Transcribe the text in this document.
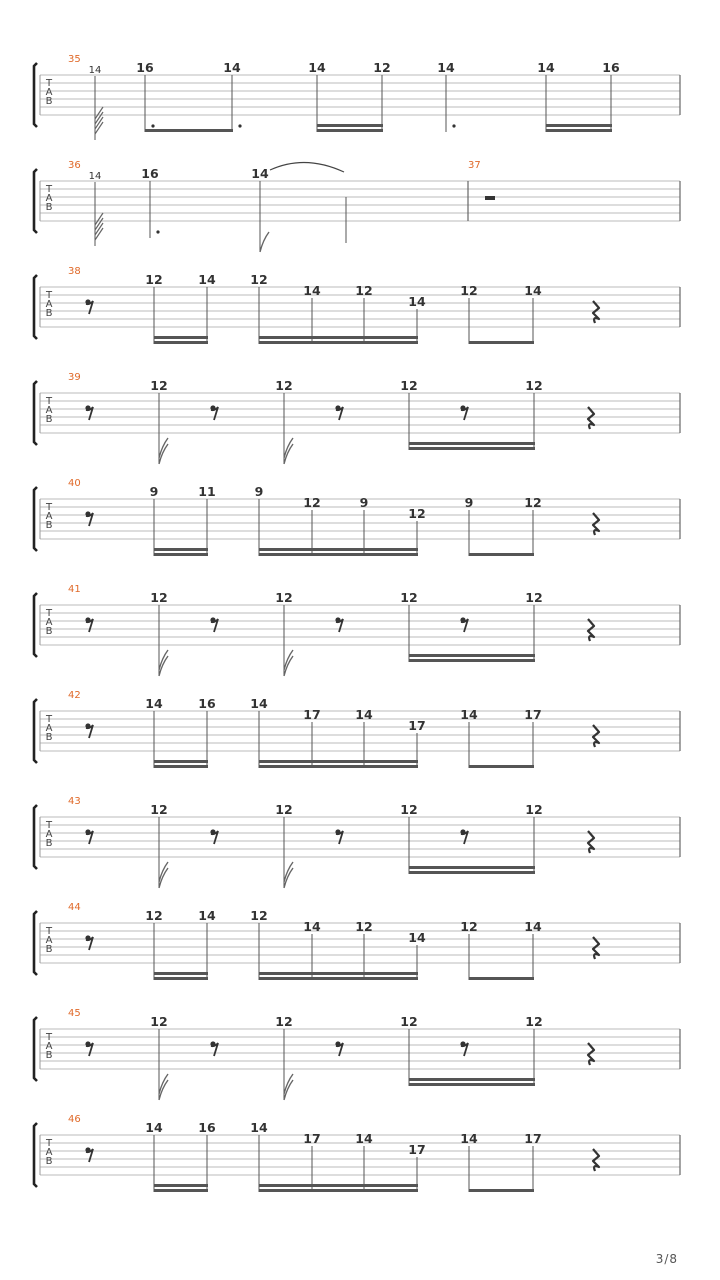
T
A
B
35
14	16	14	14	12	14	14	16
T
A
B
36
14	16	14
37
T
A
B
38
12	14	12
14	12
14
12	14
T
A
B
39
12	12	12	12
T
A
B
40
9	11	9
12	9
12
9	12
T
A
B
41
12	12	12	12
T
A
B
42
14	16	14
17	14
17
14	17
T
A
B
43
12	12	12	12
T
A
B
44
12	14	12
14	12
14
12	14
T
A
B
45
12	12	12	12
T
A
B
46
14	16	14
17	14
17
14	17
3/8
